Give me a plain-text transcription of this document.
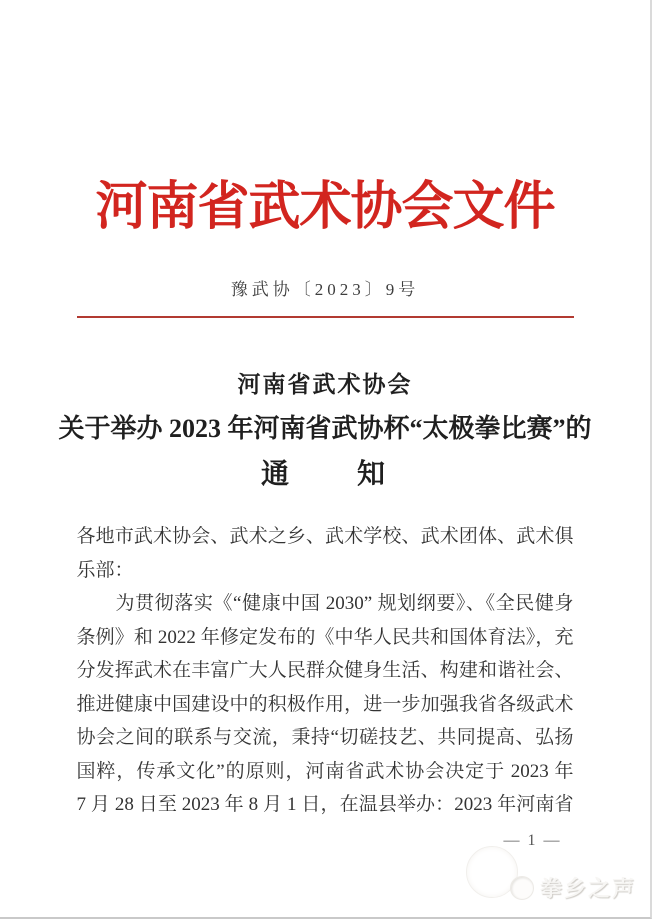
河南省武术协会文件
豫武协〔2023〕9号
河南省武术协会
关于举办 2023 年河南省武协杯“太极拳比赛”的
通　　知
各地市武术协会、武术之乡、武术学校、武术团体、武术俱
乐部：
为贯彻落实《“健康中国 2030” 规划纲要》、《全民健身
条例》和 2022 年修定发布的《中华人民共和国体育法》，充
分发挥武术在丰富广大人民群众健身生活、构建和谐社会、
推进健康中国建设中的积极作用，进一步加强我省各级武术
协会之间的联系与交流，秉持“切磋技艺、共同提高、弘扬
国粹，传承文化”的原则，河南省武术协会决定于 2023 年
7 月 28 日至 2023 年 8 月 1 日，在温县举办：2023 年河南省
— 1 —
拳乡之声
